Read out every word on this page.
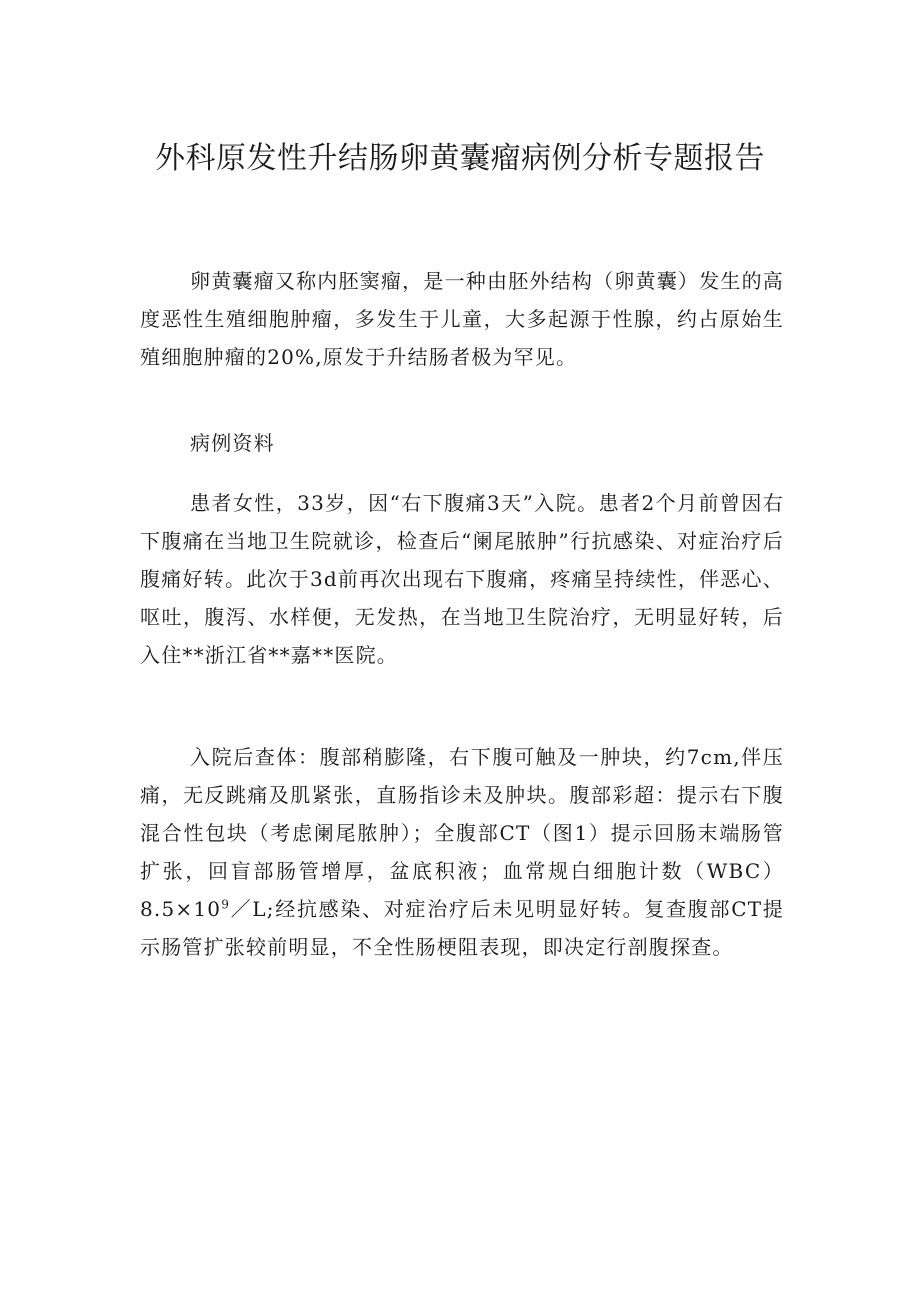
外科原发性升结肠卵黄囊瘤病例分析专题报告
卵黄囊瘤又称内胚窦瘤，是一种由胚外结构（卵黄囊）发生的高度恶性生殖细胞肿瘤，多发生于儿童，大多起源于性腺，约占原始生殖细胞肿瘤的20%,原发于升结肠者极为罕见。
病例资料
患者女性，33岁，因“右下腹痛3天”入院。患者2个月前曾因右下腹痛在当地卫生院就诊，检查后“阑尾脓肿”行抗感染、对症治疗后腹痛好转。此次于3d前再次出现右下腹痛，疼痛呈持续性，伴恶心、呕吐，腹泻、水样便，无发热，在当地卫生院治疗，无明显好转，后入住**浙江省**嘉**医院。
入院后查体：腹部稍膨隆，右下腹可触及一肿块，约7cm,伴压痛，无反跳痛及肌紧张，直肠指诊未及肿块。腹部彩超：提示右下腹混合性包块（考虑阑尾脓肿）；全腹部CT（图1）提示回肠末端肠管扩张，回盲部肠管增厚，盆底积液；血常规白细胞计数$(WBC)8.5\times 10^9/L$;经抗感染、对症治疗后未见明显好转。复查腹部CT提示肠管扩张较前明显，不全性肠梗阻表现，即决定行剖腹探查。
